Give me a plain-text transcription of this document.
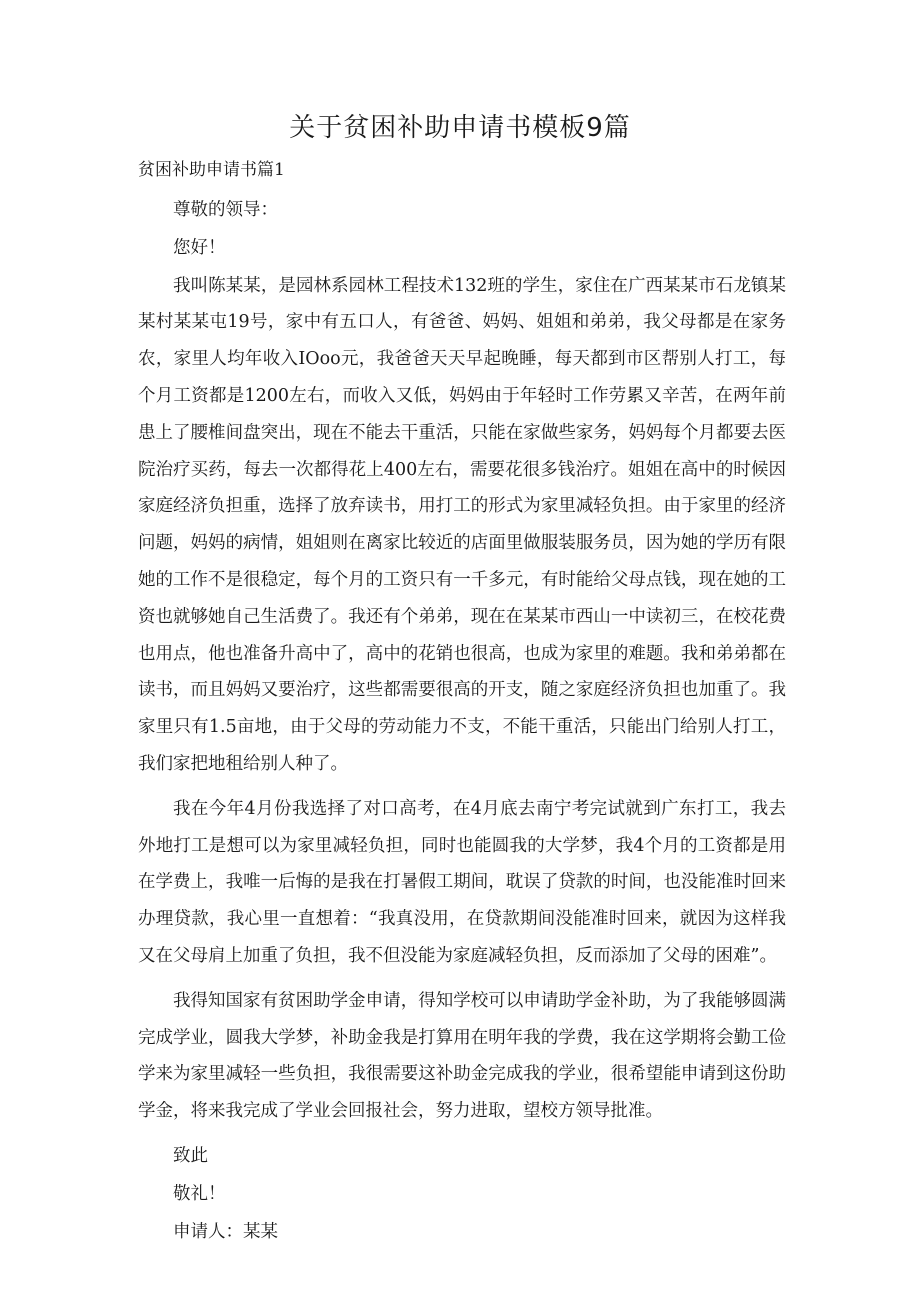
关于贫困补助申请书模板9篇
贫困补助申请书篇1

尊敬的领导：

您好！

我叫陈某某，是园林系园林工程技术132班的学生，家住在广西某某市石龙镇某某村某某屯19号，家中有五口人，有爸爸、妈妈、姐姐和弟弟，我父母都是在家务农，家里人均年收入IOoo元，我爸爸天天早起晚睡，每天都到市区帮别人打工，每个月工资都是1200左右，而收入又低，妈妈由于年轻时工作劳累又辛苦，在两年前患上了腰椎间盘突出，现在不能去干重活，只能在家做些家务，妈妈每个月都要去医院治疗买药，每去一次都得花上400左右，需要花很多钱治疗。姐姐在高中的时候因家庭经济负担重，选择了放弃读书，用打工的形式为家里减轻负担。由于家里的经济问题，妈妈的病情，姐姐则在离家比较近的店面里做服装服务员，因为她的学历有限她的工作不是很稳定，每个月的工资只有一千多元，有时能给父母点钱，现在她的工资也就够她自己生活费了。我还有个弟弟，现在在某某市西山一中读初三，在校花费也用点，他也准备升高中了，高中的花销也很高，也成为家里的难题。我和弟弟都在读书，而且妈妈又要治疗，这些都需要很高的开支，随之家庭经济负担也加重了。我家里只有1.5亩地，由于父母的劳动能力不支，不能干重活，只能出门给别人打工，我们家把地租给别人种了。

我在今年4月份我选择了对口高考，在4月底去南宁考完试就到广东打工，我去外地打工是想可以为家里减轻负担，同时也能圆我的大学梦，我4个月的工资都是用在学费上，我唯一后悔的是我在打暑假工期间，耽误了贷款的时间，也没能准时回来办理贷款，我心里一直想着：“我真没用，在贷款期间没能准时回来，就因为这样我又在父母肩上加重了负担，我不但没能为家庭减轻负担，反而添加了父母的困难”。

我得知国家有贫困助学金申请，得知学校可以申请助学金补助，为了我能够圆满完成学业，圆我大学梦，补助金我是打算用在明年我的学费，我在这学期将会勤工俭学来为家里减轻一些负担，我很需要这补助金完成我的学业，很希望能申请到这份助学金，将来我完成了学业会回报社会，努力进取，望校方领导批准。

致此

敬礼！

申请人：某某
